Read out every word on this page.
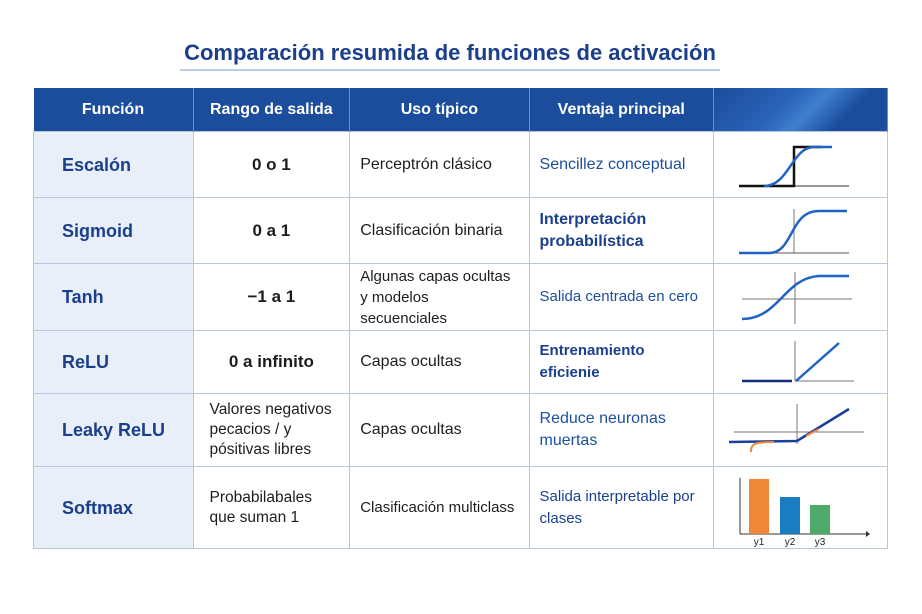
Comparación resumida de funciones de activación
Función	Rango de salida	Uso típico	Ventaja principal	
Escalón	0 o 1	Perceptrón clásico	Sencillez conceptual	

Sigmoid	0 a 1	Clasificación binaria	Interpretación probabilística	

Tanh	−1 a 1	Algunas capas ocultas y modelos secuenciales	Salida centrada en cero	

ReLU	0 a infinito	Capas ocultas	Entrenamiento eficienie	

Leaky ReLU	Valores negativos pecacios / y pósitivas libres	Capas ocultas	Reduce neuronas muertas	

Softmax	Probabilabales que suman 1	Clasificación multiclass	Salida interpretable por clases	y1 y2 y3
